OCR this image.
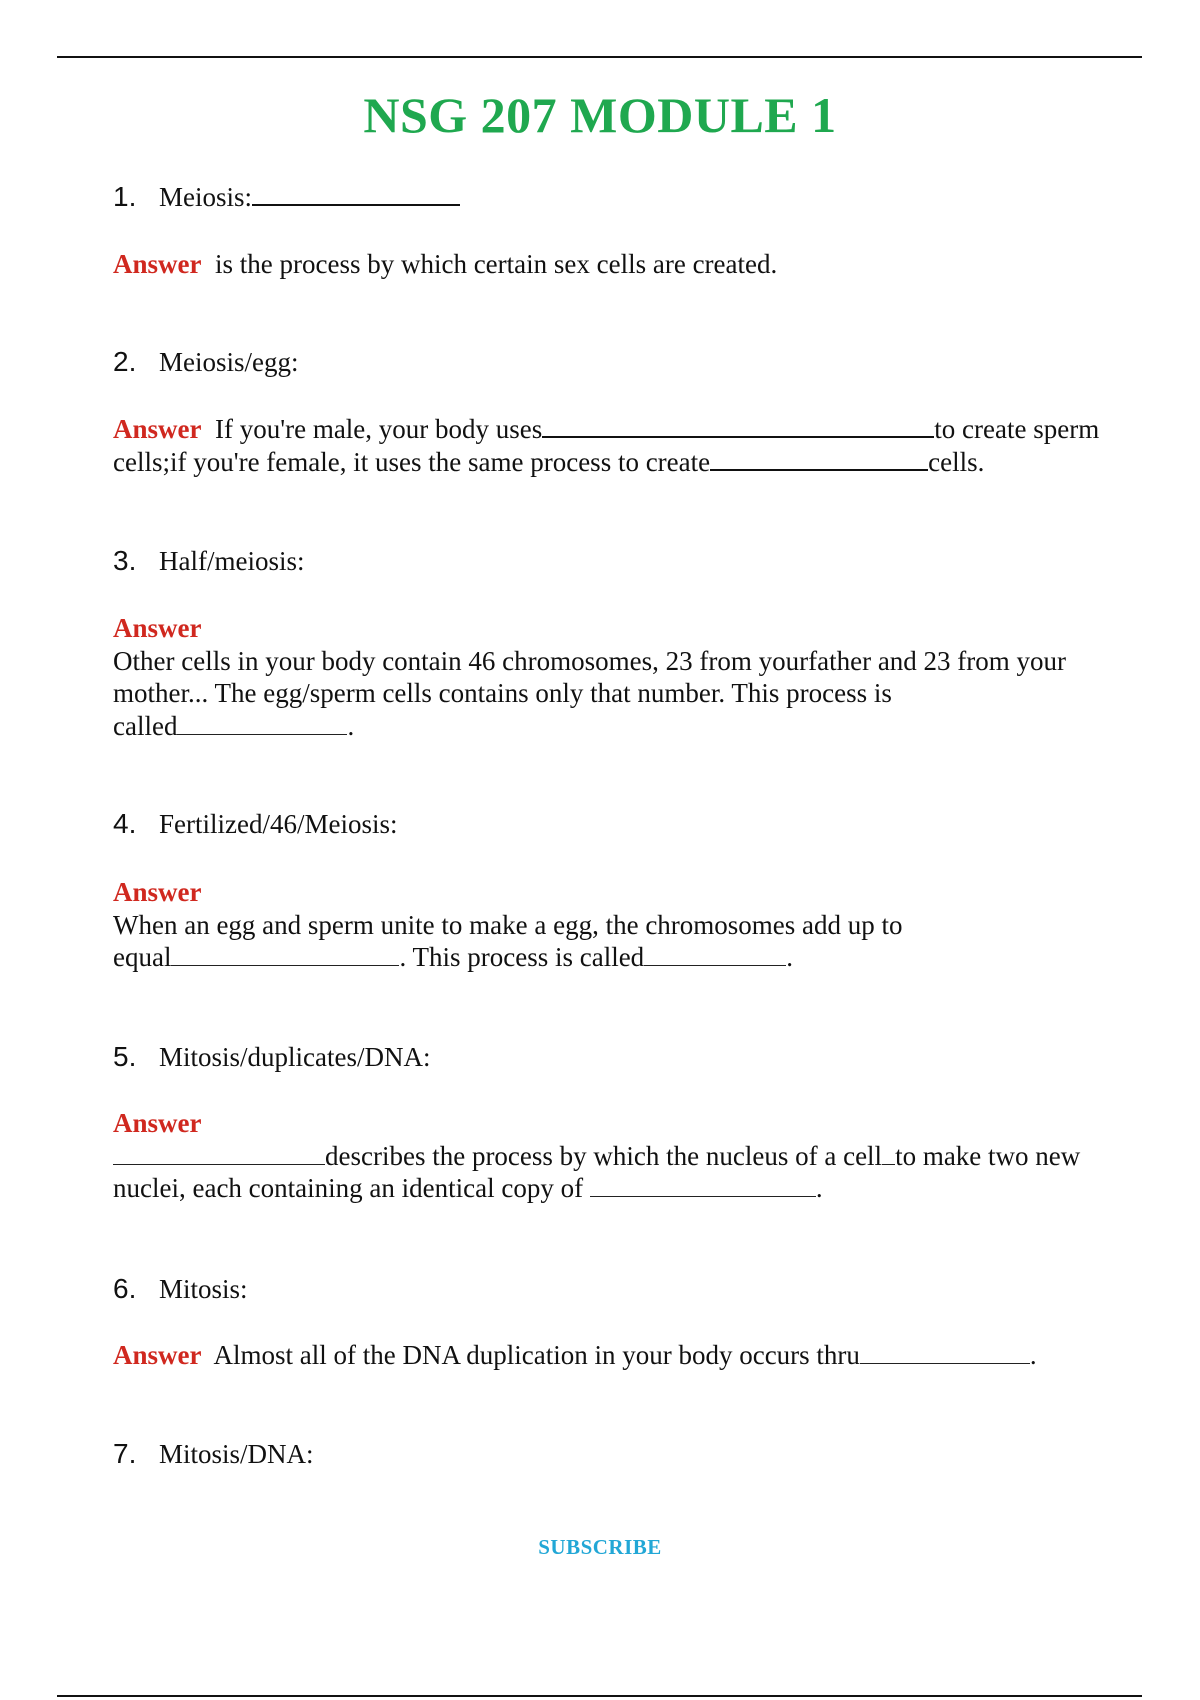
NSG 207 MODULE 1
1. Meiosis:
Answer is the process by which certain sex cells are created.
2. Meiosis/egg:
Answer If you're male, your body uses	to create sperm
cells;if you're female, it uses the same process to create	cells.
3. Half/meiosis:
Answer
Other cells in your body contain 46 chromosomes, 23 from yourfather and 23 from your
mother... The egg/sperm cells contains only that number. This process is
called	.
4. Fertilized/46/Meiosis:
Answer
When an egg and sperm unite to make a egg, the chromosomes add up to
equal	. This process is called	.
5. Mitosis/duplicates/DNA:
Answer
describes the process by which the nucleus of a cell to make two new
nuclei, each containing an identical copy of	.
6. Mitosis:
Answer Almost all of the DNA duplication in your body occurs thru	.
7. Mitosis/DNA:
SUBSCRIBE
